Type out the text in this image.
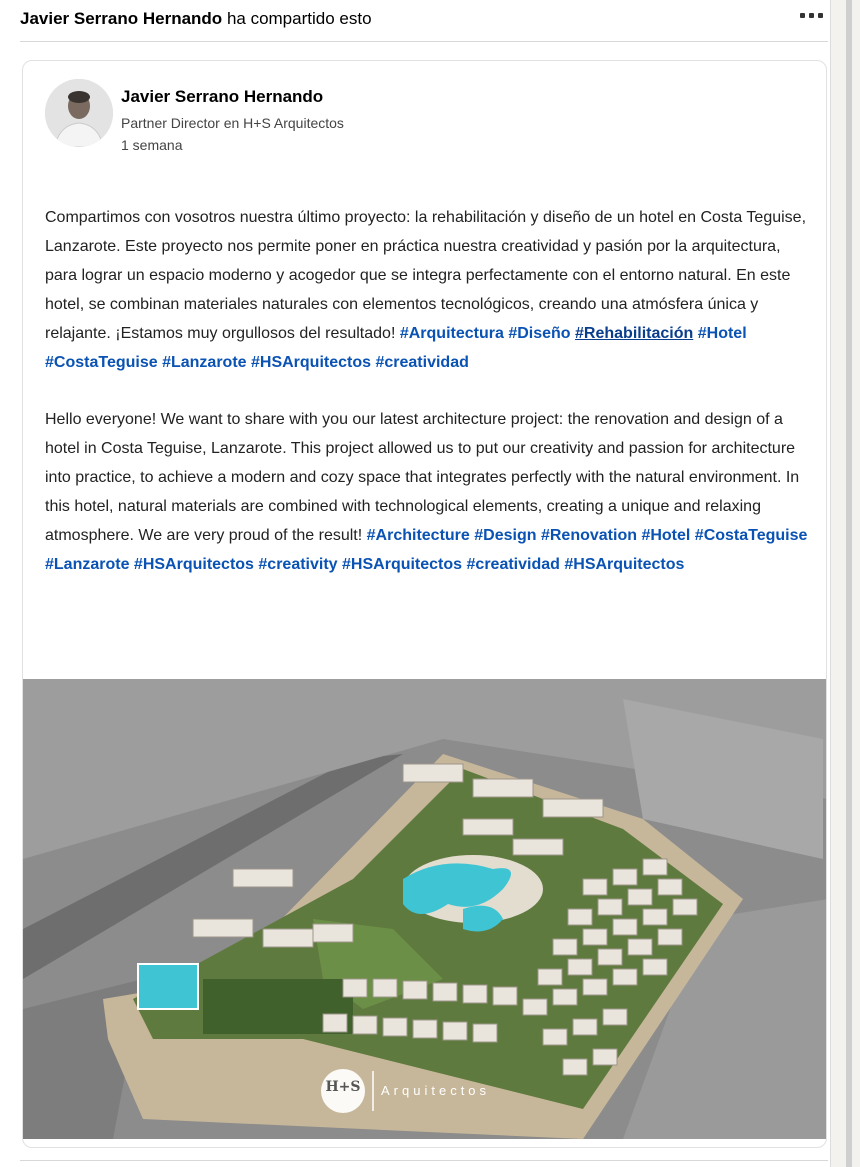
Javier Serrano Hernando ha compartido esto
Javier Serrano Hernando
Partner Director en H+S Arquitectos
1 semana

Compartimos con vosotros nuestra último proyecto: la rehabilitación y diseño de un hotel en Costa Teguise, Lanzarote. Este proyecto nos permite poner en práctica nuestra creatividad y pasión por la arquitectura, para lograr un espacio moderno y acogedor que se integra perfectamente con el entorno natural. En este hotel, se combinan materiales naturales con elementos tecnológicos, creando una atmósfera única y relajante. ¡Estamos muy orgullosos del resultado! #Arquitectura #Diseño #Rehabilitación #Hotel #CostaTeguise #Lanzarote #HSArquitectos #creatividad

Hello everyone! We want to share with you our latest architecture project: the renovation and design of a hotel in Costa Teguise, Lanzarote. This project allowed us to put our creativity and passion for architecture into practice, to achieve a modern and cozy space that integrates perfectly with the natural environment. In this hotel, natural materials are combined with technological elements, creating a unique and relaxing atmosphere. We are very proud of the result! #Architecture #Design #Renovation #Hotel #CostaTeguise #Lanzarote #HSArquitectos #creativity #HSArquitectos #creatividad #HSArquitectos

H+S Arquitectos
